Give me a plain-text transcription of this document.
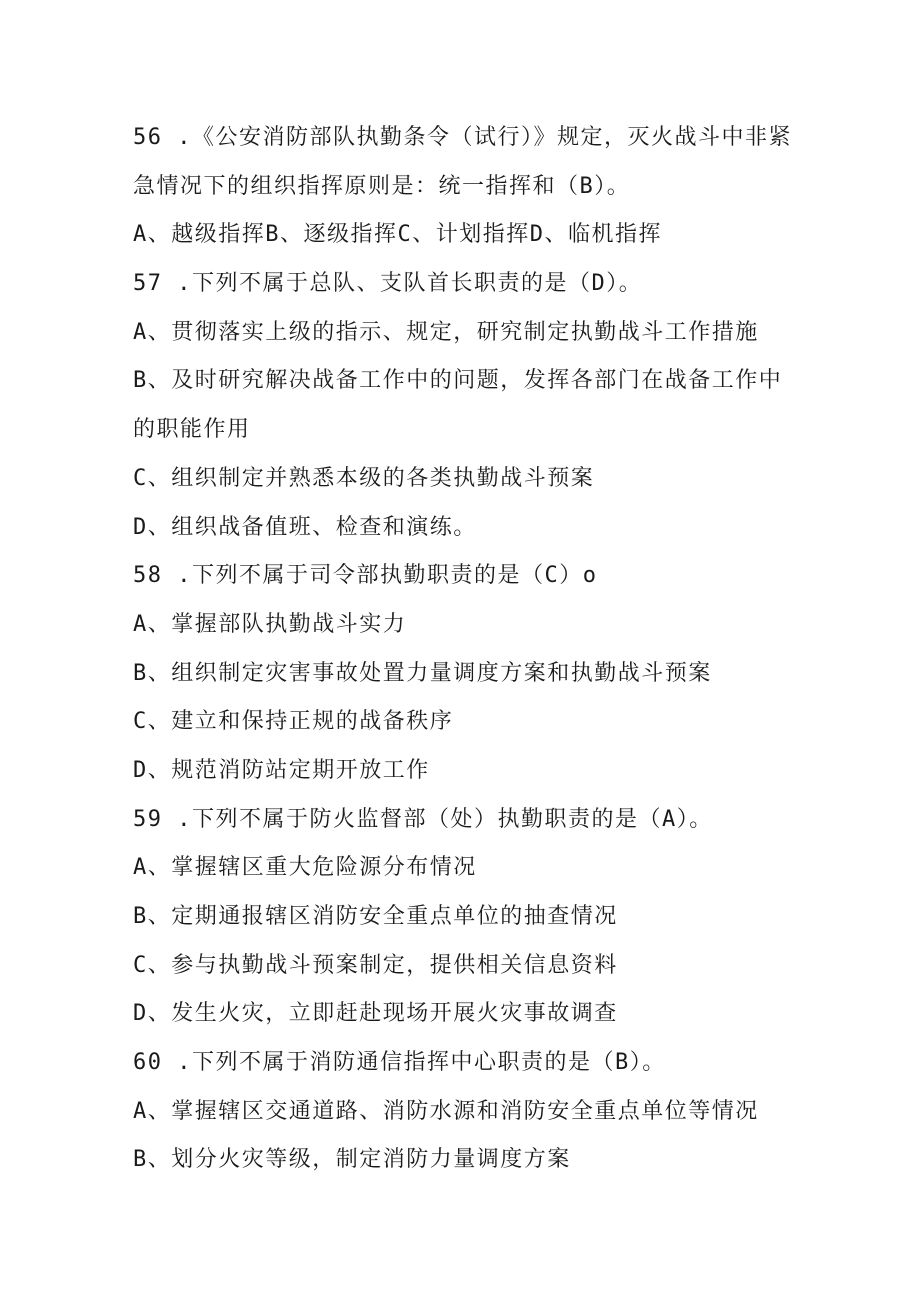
56 .《公安消防部队执勤条令（试行）》规定，灭火战斗中非紧
急情况下的组织指挥原则是：统一指挥和（B）。
A、越级指挥B、逐级指挥C、计划指挥D、临机指挥
57 .下列不属于总队、支队首长职责的是（D）。
A、贯彻落实上级的指示、规定，研究制定执勤战斗工作措施
B、及时研究解决战备工作中的问题，发挥各部门在战备工作中
的职能作用
C、组织制定并熟悉本级的各类执勤战斗预案
D、组织战备值班、检查和演练。
58 .下列不属于司令部执勤职责的是（C）o
A、掌握部队执勤战斗实力
B、组织制定灾害事故处置力量调度方案和执勤战斗预案
C、建立和保持正规的战备秩序
D、规范消防站定期开放工作
59 .下列不属于防火监督部（处）执勤职责的是（A）。
A、掌握辖区重大危险源分布情况
B、定期通报辖区消防安全重点单位的抽查情况
C、参与执勤战斗预案制定，提供相关信息资料
D、发生火灾，立即赶赴现场开展火灾事故调查
60 .下列不属于消防通信指挥中心职责的是（B）。
A、掌握辖区交通道路、消防水源和消防安全重点单位等情况
B、划分火灾等级，制定消防力量调度方案
